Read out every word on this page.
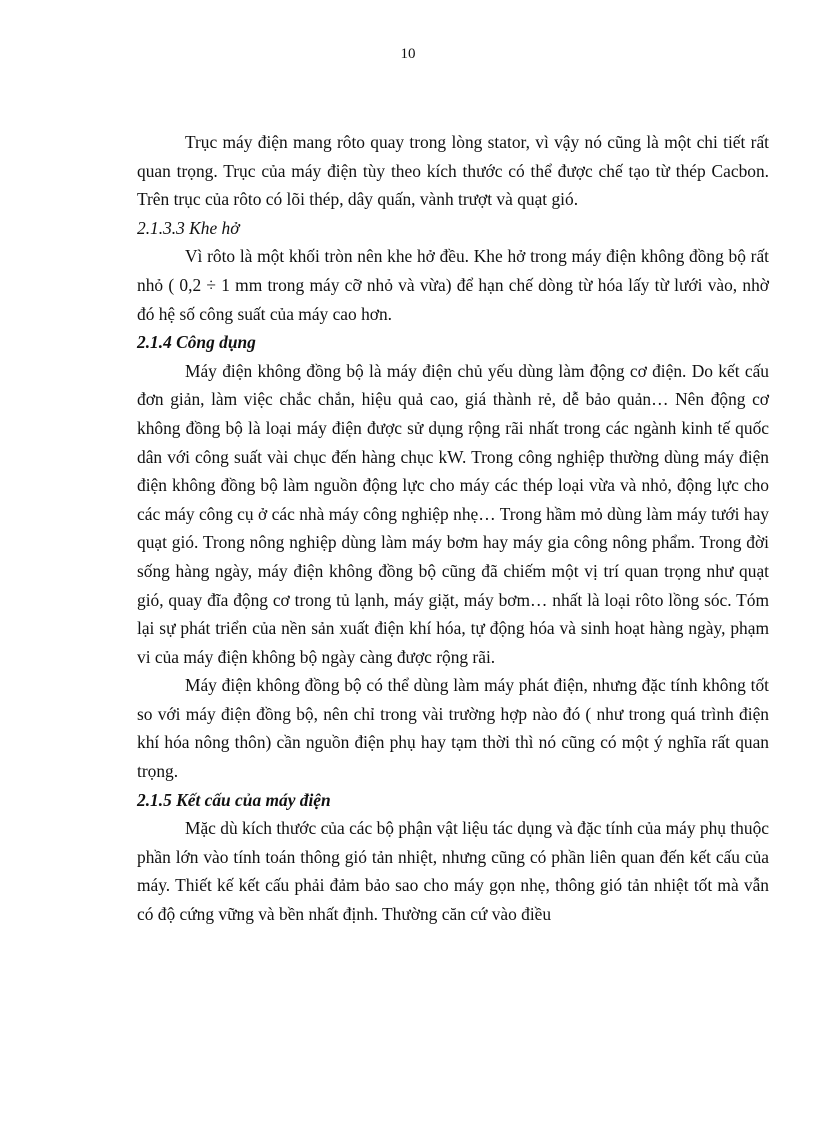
10

Trục máy điện mang rôto quay trong lòng stator, vì vậy nó cũng là một chi tiết rất quan trọng. Trục của máy điện tùy theo kích thước có thể được chế tạo từ thép Cacbon. Trên trục của rôto có lõi thép, dây quấn, vành trượt và quạt gió.

2.1.3.3 Khe hở

Vì rôto là một khối tròn nên khe hở đều. Khe hở trong máy điện không đồng bộ rất nhỏ ( 0,2 ÷ 1 mm trong máy cỡ nhỏ và vừa) để hạn chế dòng từ hóa lấy từ lưới vào, nhờ đó hệ số công suất của máy cao hơn.

2.1.4 Công dụng

Máy điện không đồng bộ là máy điện chủ yếu dùng làm động cơ điện. Do kết cấu đơn giản, làm việc chắc chắn, hiệu quả cao, giá thành rẻ, dễ bảo quản… Nên động cơ không đồng bộ là loại máy điện được sử dụng rộng rãi nhất trong các ngành kinh tế quốc dân với công suất vài chục đến hàng chục kW. Trong công nghiệp thường dùng máy điện điện không đồng bộ làm nguồn động lực cho máy các thép loại vừa và nhỏ, động lực cho các máy công cụ ở các nhà máy công nghiệp nhẹ… Trong hầm mỏ dùng làm máy tưới hay quạt gió. Trong nông nghiệp dùng làm máy bơm hay máy gia công nông phẩm. Trong đời sống hàng ngày, máy điện không đồng bộ cũng đã chiếm một vị trí quan trọng như quạt gió, quay đĩa động cơ trong tủ lạnh, máy giặt, máy bơm… nhất là loại rôto lồng sóc. Tóm lại sự phát triển của nền sản xuất điện khí hóa, tự động hóa và sinh hoạt hàng ngày, phạm vi của máy điện không bộ ngày càng được rộng rãi.

Máy điện không đồng bộ có thể dùng làm máy phát điện, nhưng đặc tính không tốt so với máy điện đồng bộ, nên chỉ trong vài trường hợp nào đó ( như trong quá trình điện khí hóa nông thôn) cần nguồn điện phụ hay tạm thời thì nó cũng có một ý nghĩa rất quan trọng.

2.1.5 Kết cấu của máy điện

Mặc dù kích thước của các bộ phận vật liệu tác dụng và đặc tính của máy phụ thuộc phần lớn vào tính toán thông gió tản nhiệt, nhưng cũng có phần liên quan đến kết cấu của máy. Thiết kế kết cấu phải đảm bảo sao cho máy gọn nhẹ, thông gió tản nhiệt tốt mà vẫn có độ cứng vững và bền nhất định. Thường căn cứ vào điều
